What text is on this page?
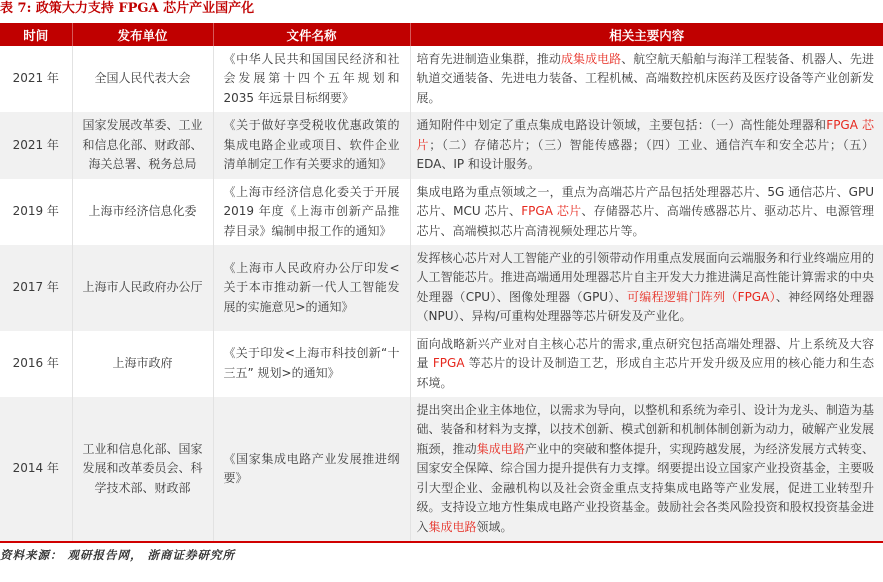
表 7: 政策大力支持 FPGA 芯片产业国产化
时间	发布单位	文件名称	相关主要内容
2021 年	全国人民代表大会	《中华人民共和国国民经济和社会发展第十四个五年规划和 2035 年远景目标纲要》	培育先进制造业集群，推动成集成电路、航空航天船舶与海洋工程装备、机器人、先进轨道交通装备、先进电力装备、工程机械、高端数控机床医药及医疗设备等产业创新发展。
2021 年	国家发展改革委、工业和信息化部、财政部、海关总署、税务总局	《关于做好享受税收优惠政策的集成电路企业或项目、软件企业清单制定工作有关要求的通知》	通知附件中划定了重点集成电路设计领域，主要包括：（一）高性能处理器和FPGA 芯片；（二）存储芯片；（三）智能传感器；（四）工业、通信汽车和安全芯片；（五）EDA、IP 和设计服务。
2019 年	上海市经济信息化委	《上海市经济信息化委关于开展 2019 年度《上海市创新产品推荐目录》编制申报工作的通知》	集成电路为重点领域之一，重点为高端芯片产品包括处理器芯片、5G 通信芯片、GPU 芯片、MCU 芯片、FPGA 芯片、存储器芯片、高端传感器芯片、驱动芯片、电源管理芯片、高端模拟芯片高清视频处理芯片等。
2017 年	上海市人民政府办公厅	《上海市人民政府办公厅印发<关于本市推动新一代人工智能发展的实施意见>的通知》	发挥核心芯片对人工智能产业的引领带动作用重点发展面向云端服务和行业终端应用的人工智能芯片。推进高端通用处理器芯片自主开发大力推进满足高性能计算需求的中央处理器（CPU）、图像处理器（GPU）、可编程逻辑门阵列（FPGA）、神经网络处理器（NPU）、异构/可重构处理器等芯片研发及产业化。
2016 年	上海市政府	《关于印发<上海市科技创新“十三五” 规划>的通知》	面向战略新兴产业对自主核心芯片的需求,重点研究包括高端处理器、片上系统及大容量 FPGA 等芯片的设计及制造工艺，形成自主芯片开发升级及应用的核心能力和生态环境。
2014 年	工业和信息化部、国家发展和改革委员会、科学技术部、财政部	《国家集成电路产业发展推进纲要》	提出突出企业主体地位，以需求为导向，以整机和系统为牵引、设计为龙头、制造为基础、装备和材料为支撑，以技术创新、模式创新和机制体制创新为动力，破解产业发展瓶颈，推动集成电路产业中的突破和整体提升，实现跨越发展，为经济发展方式转变、国家安全保障、综合国力提升提供有力支撑。纲要提出设立国家产业投资基金，主要吸引大型企业、金融机构以及社会资金重点支持集成电路等产业发展，促进工业转型升级。支持设立地方性集成电路产业投资基金。鼓励社会各类风险投资和股权投资基金进入集成电路领域。
资料来源： 观研报告网， 浙商证券研究所
